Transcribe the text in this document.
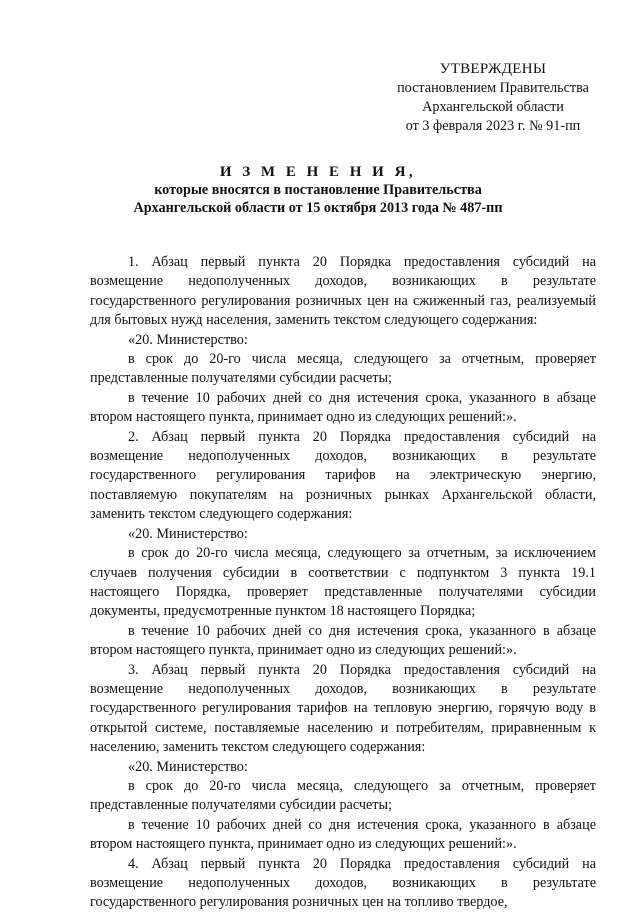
УТВЕРЖДЕНЫ
постановлением Правительства
Архангельской области
от 3 февраля 2023 г. № 91-пп
И З М Е Н Е Н И Я,
которые вносятся в постановление Правительства
Архангельской области от 15 октября 2013 года № 487-пп

1. Абзац первый пункта 20 Порядка предоставления субсидий на возмещение недополученных доходов, возникающих в результате государственного регулирования розничных цен на сжиженный газ, реализуемый для бытовых нужд населения, заменить текстом следующего содержания:

«20. Министерство:

в срок до 20-го числа месяца, следующего за отчетным, проверяет представленные получателями субсидии расчеты;

в течение 10 рабочих дней со дня истечения срока, указанного в абзаце втором настоящего пункта, принимает одно из следующих решений:».

2. Абзац первый пункта 20 Порядка предоставления субсидий на возмещение недополученных доходов, возникающих в результате государственного регулирования тарифов на электрическую энергию, поставляемую покупателям на розничных рынках Архангельской области, заменить текстом следующего содержания:

«20. Министерство:

в срок до 20-го числа месяца, следующего за отчетным, за исключением случаев получения субсидии в соответствии с подпунктом 3 пункта 19.1 настоящего Порядка, проверяет представленные получателями субсидии документы, предусмотренные пунктом 18 настоящего Порядка;

в течение 10 рабочих дней со дня истечения срока, указанного в абзаце втором настоящего пункта, принимает одно из следующих решений:».

3. Абзац первый пункта 20 Порядка предоставления субсидий на возмещение недополученных доходов, возникающих в результате государственного регулирования тарифов на тепловую энергию, горячую воду в открытой системе, поставляемые населению и потребителям, приравненным к населению, заменить текстом следующего содержания:

«20. Министерство:

в срок до 20-го числа месяца, следующего за отчетным, проверяет представленные получателями субсидии расчеты;

в течение 10 рабочих дней со дня истечения срока, указанного в абзаце втором настоящего пункта, принимает одно из следующих решений:».

4. Абзац первый пункта 20 Порядка предоставления субсидий на возмещение недополученных доходов, возникающих в результате государственного регулирования розничных цен на топливо твердое,
